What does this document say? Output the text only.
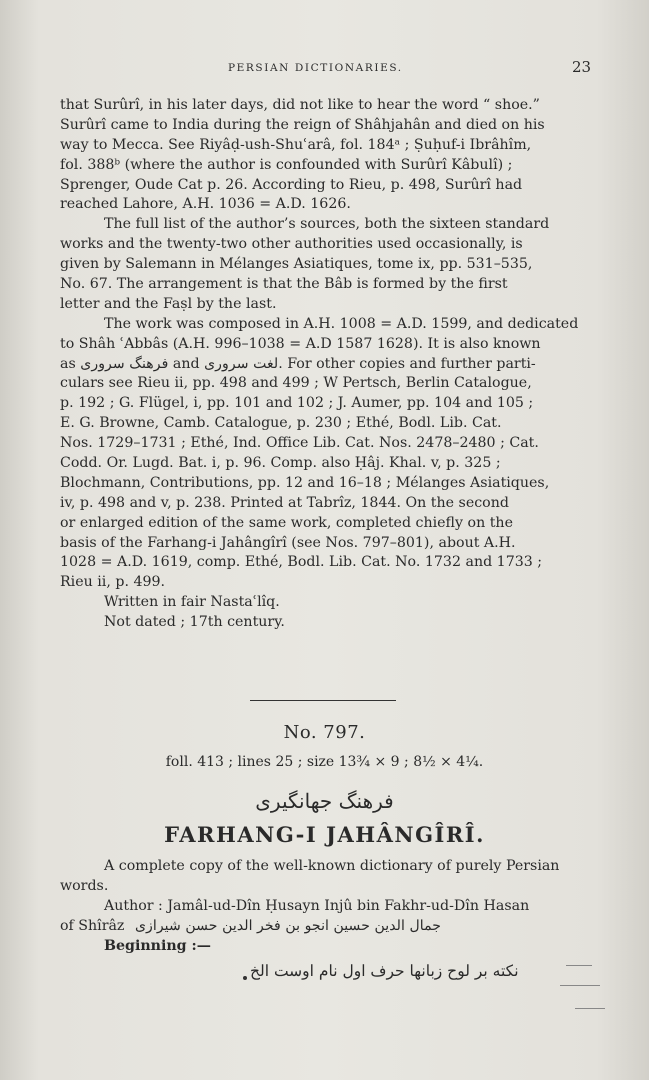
PERSIAN DICTIONARIES.	23
that Surûrî, in his later days, did not like to hear the word “ shoe.”
Surûrî came to India during the reign of Shâhjahân and died on his
way to Mecca. See Riyâḍ-ush-Shuʿarâ, fol. 184ᵃ ; Ṣuḥuf-i Ibrâhîm,
fol. 388ᵇ (where the author is confounded with Surûrî Kâbulî) ;
Sprenger, Oude Cat p. 26. According to Rieu, p. 498, Surûrî had
reached Lahore, A.H. 1036 = A.D. 1626.
The full list of the author’s sources, both the sixteen standard
works and the twenty-two other authorities used occasionally, is
given by Salemann in Mélanges Asiatiques, tome ix, pp. 531–535,
No. 67. The arrangement is that the Bâb is formed by the first
letter and the Faṣl by the last.
The work was composed in A.H. 1008 = A.D. 1599, and dedicated
to Shâh ʿAbbâs (A.H. 996–1038 = A.D 1587 1628). It is also known
as فرهنگ سروری and لغت سروری. For other copies and further parti-
culars see Rieu ii, pp. 498 and 499 ; W Pertsch, Berlin Catalogue,
p. 192 ; G. Flügel, i, pp. 101 and 102 ; J. Aumer, pp. 104 and 105 ;
E. G. Browne, Camb. Catalogue, p. 230 ; Ethé, Bodl. Lib. Cat.
Nos. 1729–1731 ; Ethé, Ind. Office Lib. Cat. Nos. 2478–2480 ; Cat.
Codd. Or. Lugd. Bat. i, p. 96. Comp. also Ḥâj. Khal. v, p. 325 ;
Blochmann, Contributions, pp. 12 and 16–18 ; Mélanges Asiatiques,
iv, p. 498 and v, p. 238. Printed at Tabrîz, 1844. On the second
or enlarged edition of the same work, completed chiefly on the
basis of the Farhang-i Jahângîrî (see Nos. 797–801), about A.H.
1028 = A.D. 1619, comp. Ethé, Bodl. Lib. Cat. No. 1732 and 1733 ;
Rieu ii, p. 499.
Written in fair Nastaʿlîq.
Not dated ; 17th century.
No. 797.
foll. 413 ; lines 25 ; size 13¾ × 9 ; 8½ × 4¼.
فرهنگ جهانگیری
FARHANG-I JAHÂNGÎRÎ.
A complete copy of the well-known dictionary of purely Persian
words.
Author : Jamâl-ud-Dîn Ḥusayn Injû bin Fakhr-ud-Dîn Hasan
of Shîrâz جمال الدین حسین انجو بن فخر الدین حسن شیرازی
Beginning :—
نکته بر لوح زبانها حرف اول نام اوست الخ
